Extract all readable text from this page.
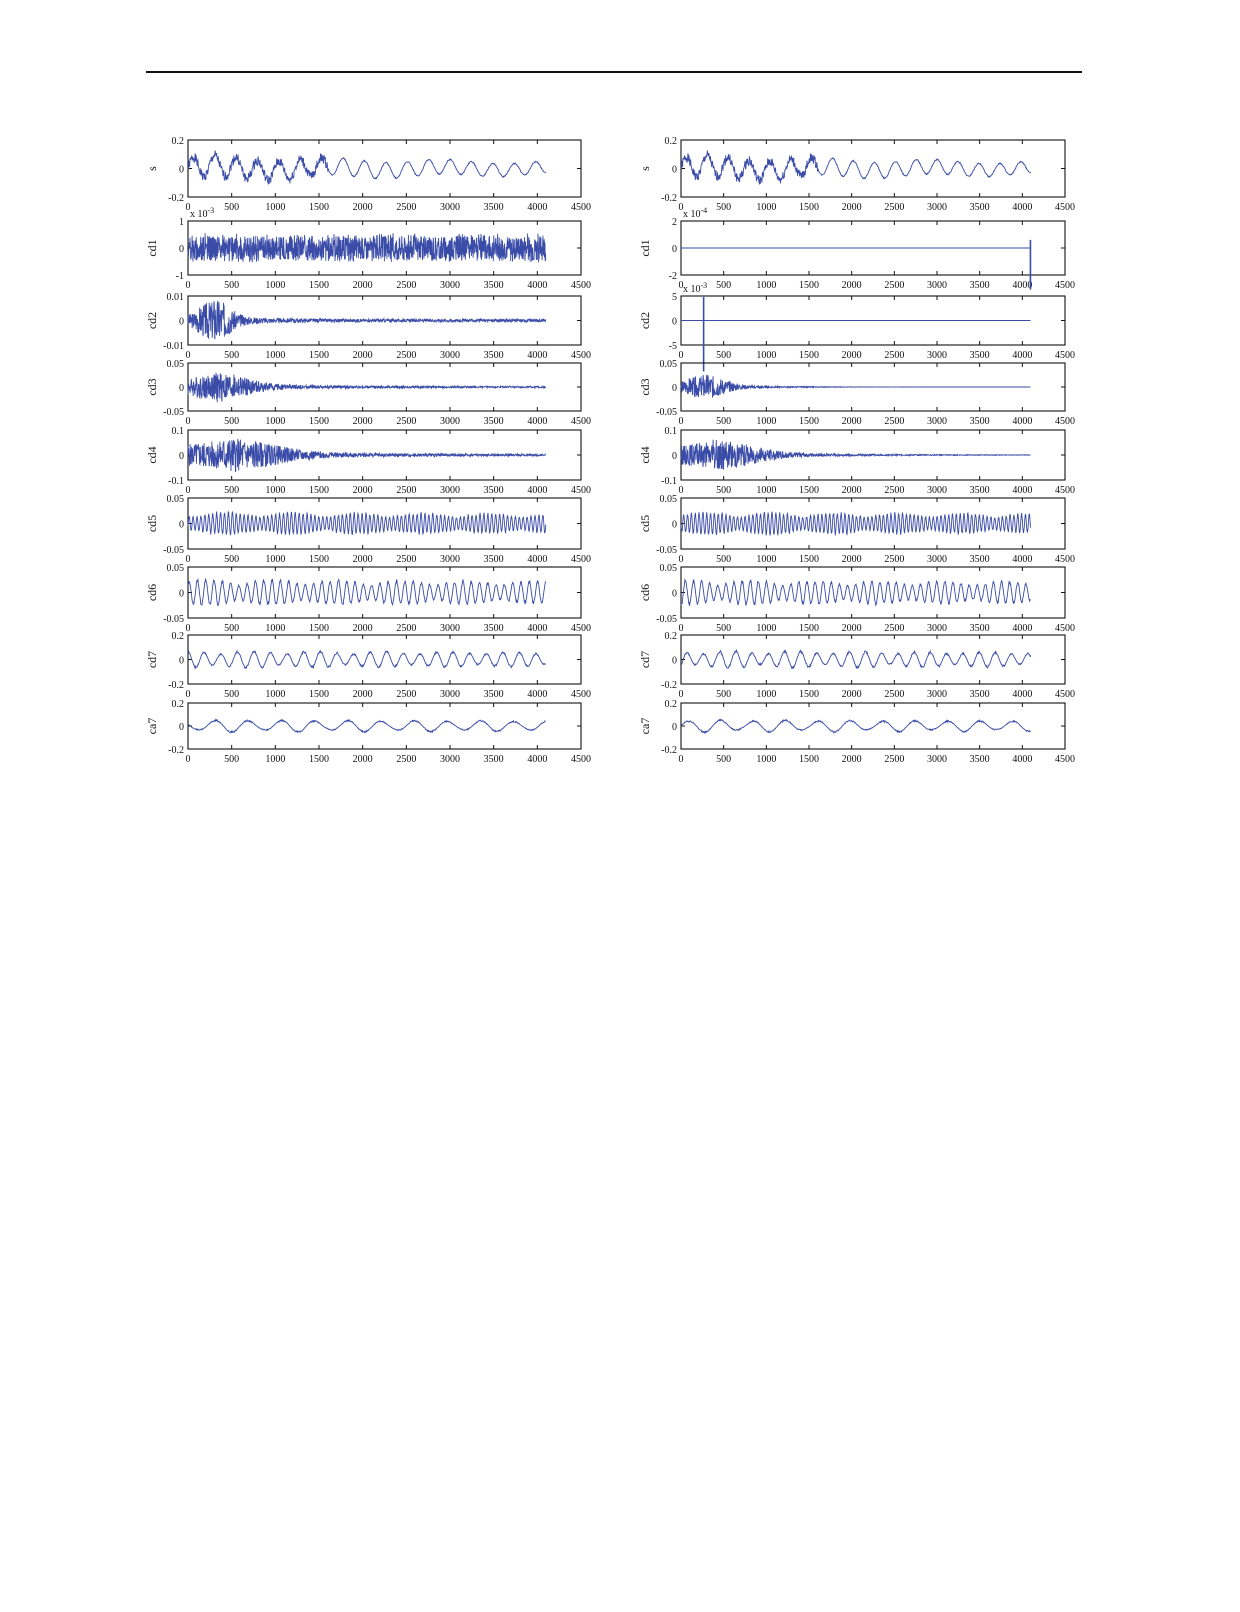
0.2
0
-0.2
0	500	1000 1500 2000 2500 3000 3500 4000 4500
s
1
0
-1
0	500	1000 1500 2000 2500 3000 3500 4000 4500
cd1
x $10^{-3}$
0.01
0
-0.01
0	500	1000 1500 2000 2500 3000 3500 4000 4500
cd2
0.05
0
-0.05
0	500	1000 1500 2000 2500 3000 3500 4000 4500
cd3
0.1
0
-0.1
0	500	1000 1500 2000 2500 3000 3500 4000 4500
cd4
0.05
0
-0.05
0	500	1000 1500 2000 2500 3000 3500 4000 4500
cd5
0.05
0
-0.05
0	500	1000 1500 2000 2500 3000 3500 4000 4500
cd6
0.2
0
-0.2
0	500	1000 1500 2000 2500 3000 3500 4000 4500
cd7
0.2
0
-0.2
0	500	1000 1500 2000 2500 3000 3500 4000 4500
ca7
0.2
0
-0.2
0	500	1000 1500 2000 2500 3000 3500 4000 4500
s
2
0
-2
0	500	1000 1500 2000 2500 3000 3500 4000 4500
cd1
x $10^{-4}$
5
0
-5
0	500	1000 1500 2000 2500 3000 3500 4000 4500
cd2
x $10^{-3}$
0.05
0
-0.05
0	500	1000 1500 2000 2500 3000 3500 4000 4500
cd3
0.1
0
-0.1
0	500	1000 1500 2000 2500 3000 3500 4000 4500
cd4
0.05
0
-0.05
0	500	1000 1500 2000 2500 3000 3500 4000 4500
cd5
0.05
0
-0.05
0	500	1000 1500 2000 2500 3000 3500 4000 4500
cd6
0.2
0
-0.2
0	500	1000 1500 2000 2500 3000 3500 4000 4500
cd7
0.2
0
-0.2
0	500	1000 1500 2000 2500 3000 3500 4000 4500
ca7
